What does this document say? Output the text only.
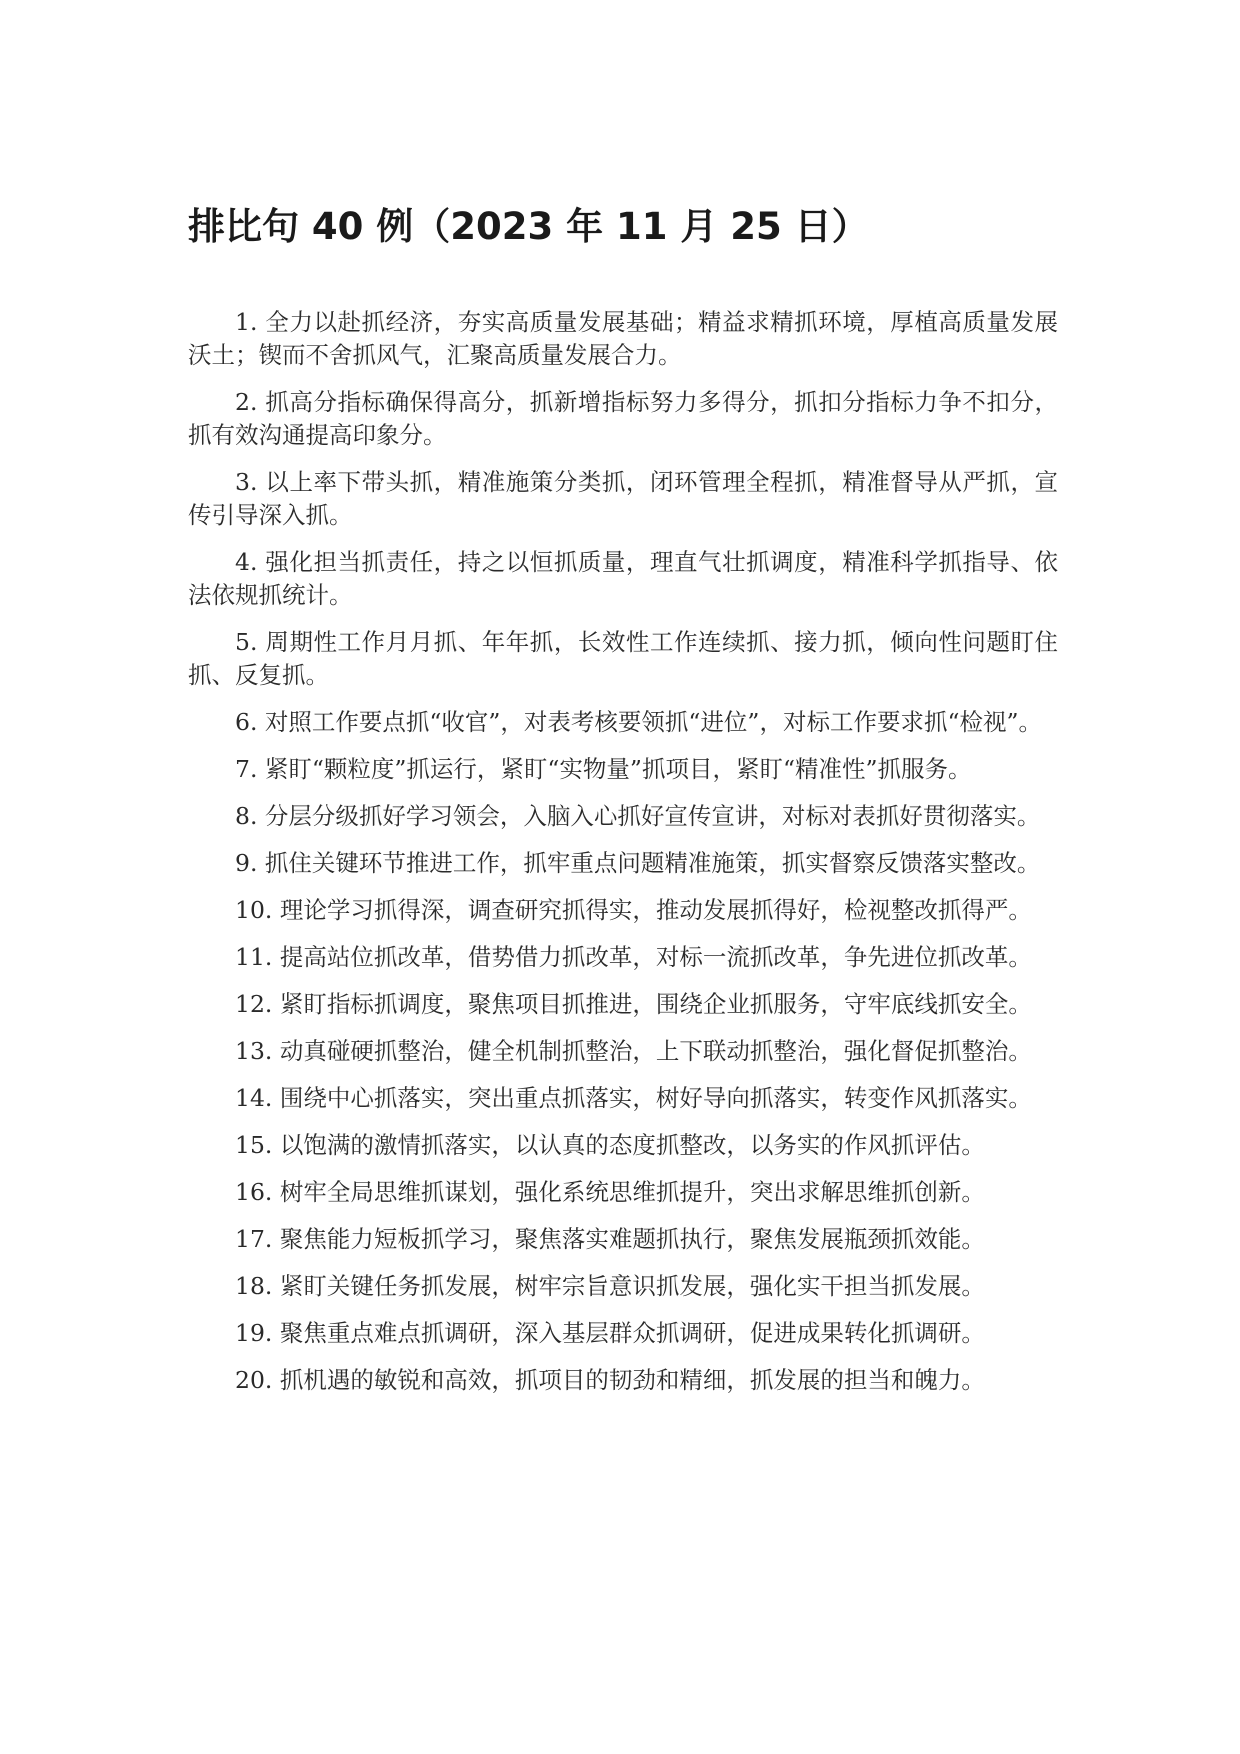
排比句 40 例（2023 年 11 月 25 日）
1. 全力以赴抓经济，夯实高质量发展基础；精益求精抓环境，厚植高质量发展沃土；锲而不舍抓风气，汇聚高质量发展合力。
2. 抓高分指标确保得高分，抓新增指标努力多得分，抓扣分指标力争不扣分，抓有效沟通提高印象分。
3. 以上率下带头抓，精准施策分类抓，闭环管理全程抓，精准督导从严抓，宣传引导深入抓。
4. 强化担当抓责任，持之以恒抓质量，理直气壮抓调度，精准科学抓指导、依法依规抓统计。
5. 周期性工作月月抓、年年抓，长效性工作连续抓、接力抓，倾向性问题盯住抓、反复抓。
6. 对照工作要点抓“收官”，对表考核要领抓“进位”，对标工作要求抓“检视”。
7. 紧盯“颗粒度”抓运行，紧盯“实物量”抓项目，紧盯“精准性”抓服务。
8. 分层分级抓好学习领会，入脑入心抓好宣传宣讲，对标对表抓好贯彻落实。
9. 抓住关键环节推进工作，抓牢重点问题精准施策，抓实督察反馈落实整改。
10. 理论学习抓得深，调查研究抓得实，推动发展抓得好，检视整改抓得严。
11. 提高站位抓改革，借势借力抓改革，对标一流抓改革，争先进位抓改革。
12. 紧盯指标抓调度，聚焦项目抓推进，围绕企业抓服务，守牢底线抓安全。
13. 动真碰硬抓整治，健全机制抓整治，上下联动抓整治，强化督促抓整治。
14. 围绕中心抓落实，突出重点抓落实，树好导向抓落实，转变作风抓落实。
15. 以饱满的激情抓落实，以认真的态度抓整改，以务实的作风抓评估。
16. 树牢全局思维抓谋划，强化系统思维抓提升，突出求解思维抓创新。
17. 聚焦能力短板抓学习，聚焦落实难题抓执行，聚焦发展瓶颈抓效能。
18. 紧盯关键任务抓发展，树牢宗旨意识抓发展，强化实干担当抓发展。
19. 聚焦重点难点抓调研，深入基层群众抓调研，促进成果转化抓调研。
20. 抓机遇的敏锐和高效，抓项目的韧劲和精细，抓发展的担当和魄力。
